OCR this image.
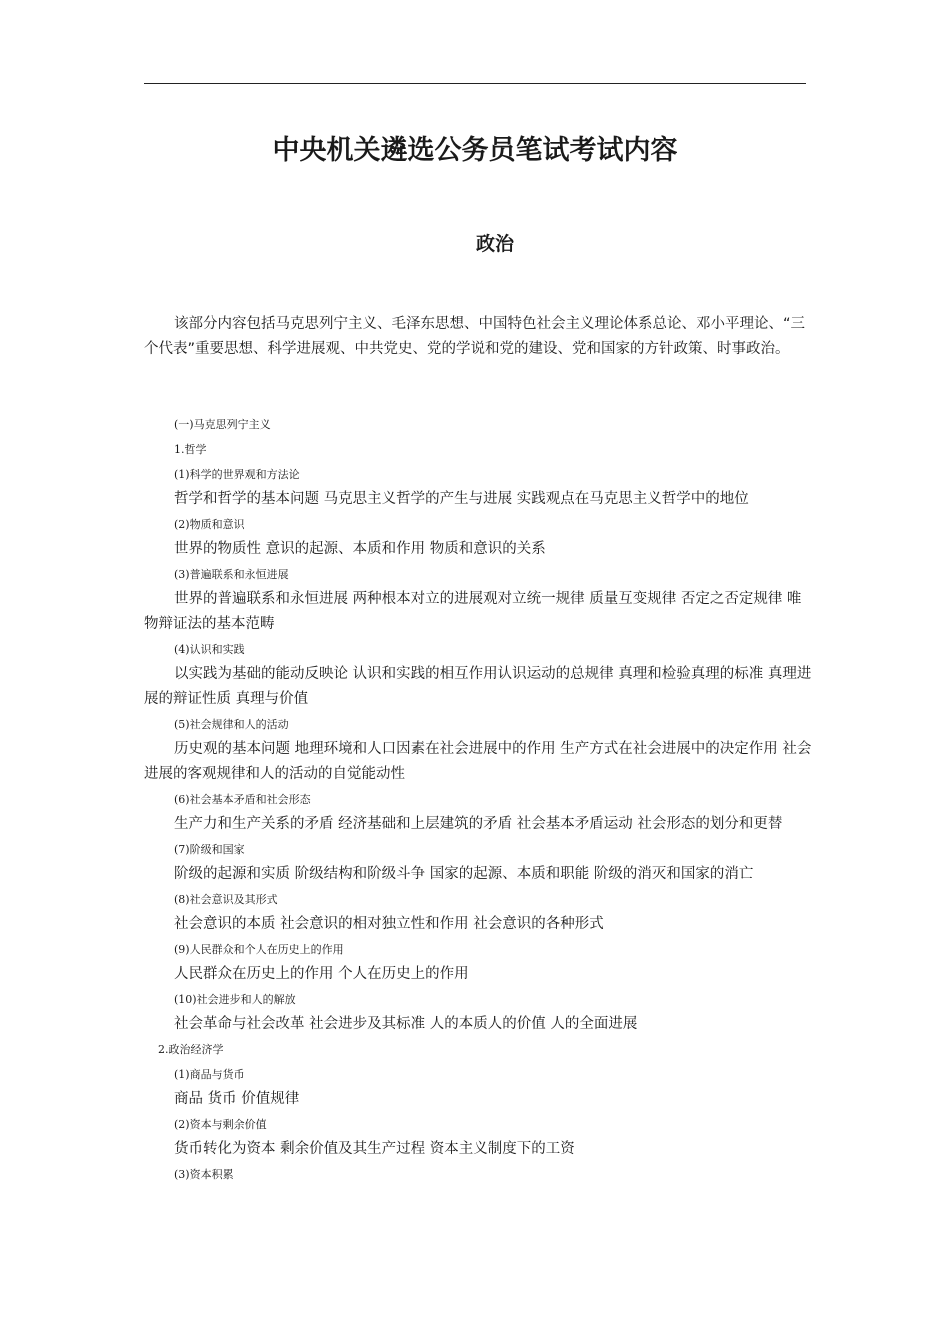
中央机关遴选公务员笔试考试内容
政治

该部分内容包括马克思列宁主义、毛泽东思想、中国特色社会主义理论体系总论、邓小平理论、“三个代表”重要思想、科学进展观、中共党史、党的学说和党的建设、党和国家的方针政策、时事政治。

(一)马克思列宁主义
1.哲学
(1)科学的世界观和方法论

哲学和哲学的基本问题 马克思主义哲学的产生与进展 实践观点在马克思主义哲学中的地位

(2)物质和意识

世界的物质性 意识的起源、本质和作用 物质和意识的关系

(3)普遍联系和永恒进展

世界的普遍联系和永恒进展 两种根本对立的进展观对立统一规律 质量互变规律 否定之否定规律 唯物辩证法的基本范畴

(4)认识和实践

以实践为基础的能动反映论 认识和实践的相互作用认识运动的总规律 真理和检验真理的标准 真理进展的辩证性质 真理与价值

(5)社会规律和人的活动

历史观的基本问题 地理环境和人口因素在社会进展中的作用 生产方式在社会进展中的决定作用 社会进展的客观规律和人的活动的自觉能动性

(6)社会基本矛盾和社会形态

生产力和生产关系的矛盾 经济基础和上层建筑的矛盾 社会基本矛盾运动 社会形态的划分和更替

(7)阶级和国家

阶级的起源和实质 阶级结构和阶级斗争 国家的起源、本质和职能 阶级的消灭和国家的消亡

(8)社会意识及其形式

社会意识的本质 社会意识的相对独立性和作用 社会意识的各种形式

(9)人民群众和个人在历史上的作用

人民群众在历史上的作用 个人在历史上的作用

(10)社会进步和人的解放

社会革命与社会改革 社会进步及其标准 人的本质人的价值 人的全面进展

2.政治经济学
(1)商品与货币

商品 货币 价值规律

(2)资本与剩余价值

货币转化为资本 剩余价值及其生产过程 资本主义制度下的工资

(3)资本积累
